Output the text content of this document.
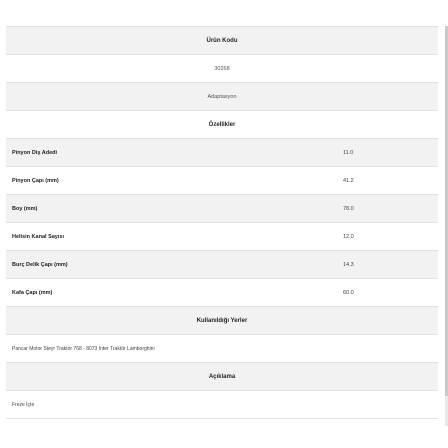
Ürün Kodu
30268
Adaptasyon
Özellikler
Pinyon Diş Adedi	11.0
Pinyon Çapı (mm)	41.2
Boy (mm)	78.0
Helisin Kanal Sayısı	12.0
Burç Delik Çapı (mm)	14.3
Kafa Çapı (mm)	60.0
Kullanıldığı Yerler
Pancar Motor Steyr Traktör 768 - 8073 Inter Traktör Lamborghini
Açıklama
Freze İçte
